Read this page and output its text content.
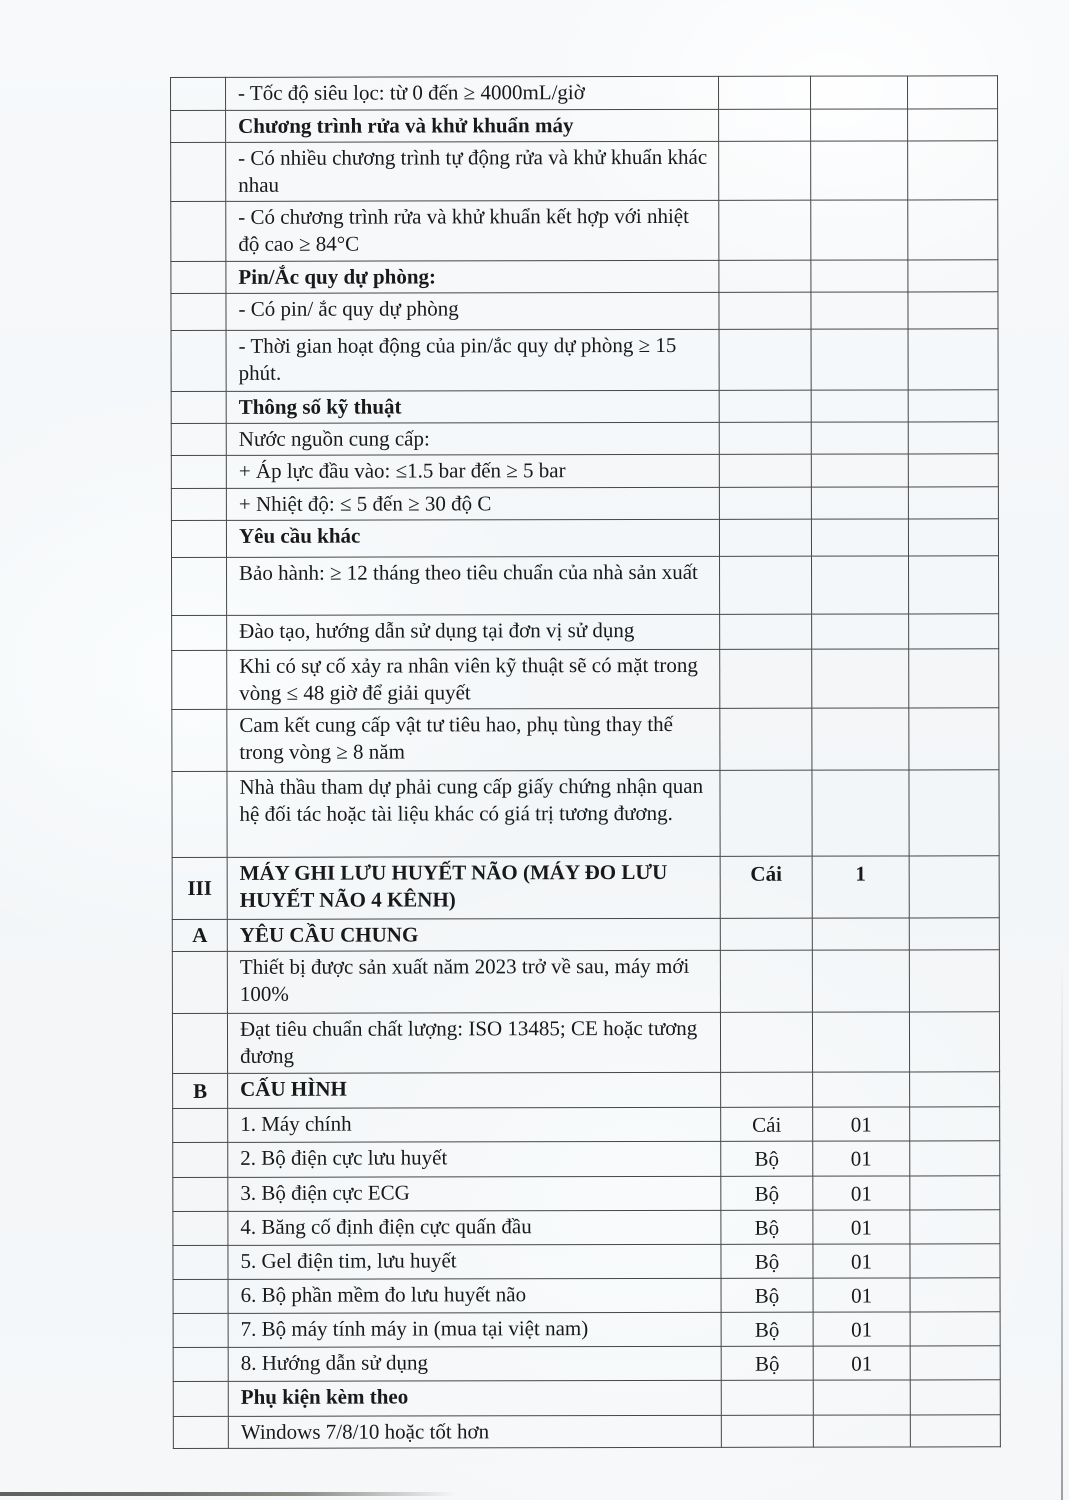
	- Tốc độ siêu lọc: từ 0 đến ≥ 4000mL/giờ			
	Chương trình rửa và khử khuẩn máy			
	- Có nhiều chương trình tự động rửa và khử khuẩn khác nhau			
	- Có chương trình rửa và khử khuẩn kết hợp với nhiệt độ cao ≥ 84°C			
	Pin/Ắc quy dự phòng:			
	- Có pin/ ắc quy dự phòng			
	- Thời gian hoạt động của pin/ắc quy dự phòng ≥ 15 phút.			
	Thông số kỹ thuật			
	Nước nguồn cung cấp:			
	+ Áp lực đầu vào: ≤1.5 bar đến ≥ 5 bar			
	+ Nhiệt độ: ≤ 5 đến ≥ 30 độ C			
	Yêu cầu khác			
	Bảo hành: ≥ 12 tháng theo tiêu chuẩn của nhà sản xuất			
	Đào tạo, hướng dẫn sử dụng tại đơn vị sử dụng			
	Khi có sự cố xảy ra nhân viên kỹ thuật sẽ có mặt trong vòng ≤ 48 giờ để giải quyết			
	Cam kết cung cấp vật tư tiêu hao, phụ tùng thay thế trong vòng ≥ 8 năm			
	Nhà thầu tham dự phải cung cấp giấy chứng nhận quan hệ đối tác hoặc tài liệu khác có giá trị tương đương.			
III	MÁY GHI LƯU HUYẾT NÃO (MÁY ĐO LƯU HUYẾT NÃO 4 KÊNH)	Cái	1	
A	YÊU CẦU CHUNG			
	Thiết bị được sản xuất năm 2023 trở về sau, máy mới 100%			
	Đạt tiêu chuẩn chất lượng: ISO 13485; CE hoặc tương đương			
B	CẤU HÌNH			
	1. Máy chính	Cái	01	
	2. Bộ điện cực lưu huyết	Bộ	01	
	3. Bộ điện cực ECG	Bộ	01	
	4. Băng cố định điện cực quấn đầu	Bộ	01	
	5. Gel điện tim, lưu huyết	Bộ	01	
	6. Bộ phần mềm đo lưu huyết não	Bộ	01	
	7. Bộ máy tính máy in (mua tại việt nam)	Bộ	01	
	8. Hướng dẫn sử dụng	Bộ	01	
	Phụ kiện kèm theo			
	Windows 7/8/10 hoặc tốt hơn			
